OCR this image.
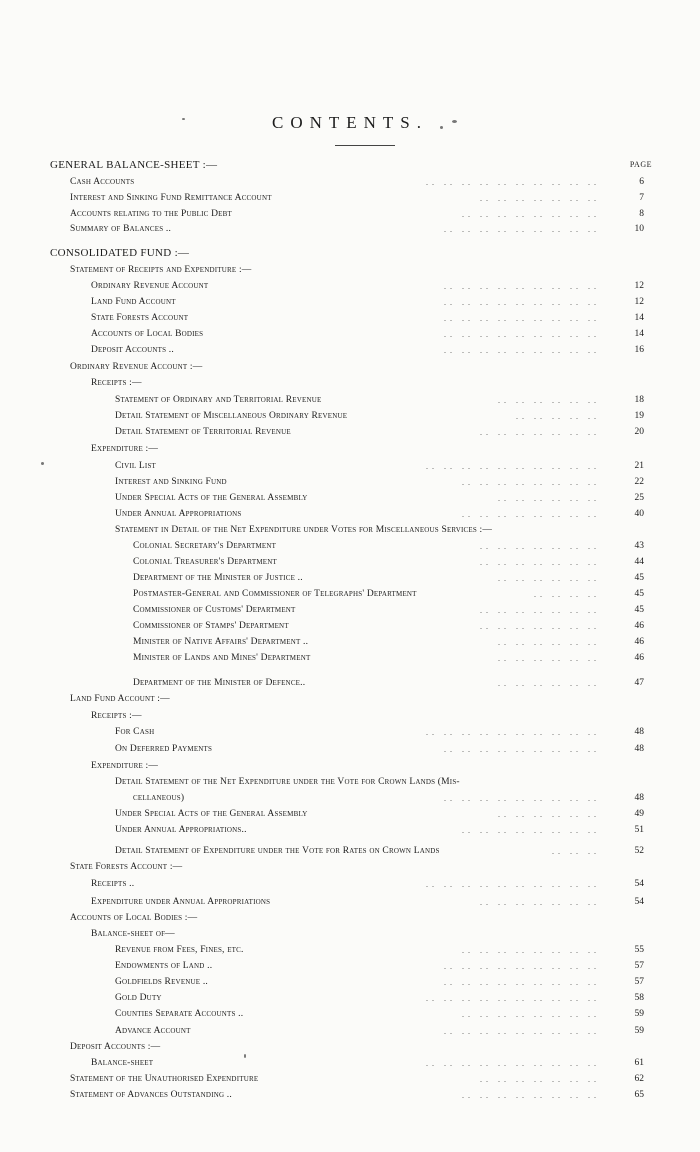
CONTENTS.
PAGE
GENERAL BALANCE-SHEET :—
Cash Accounts	6
.. .. .. .. .. .. .. .. .. ..
Interest and Sinking Fund Remittance Account	7
.. .. .. .. .. .. ..
Accounts relating to the Public Debt	8
.. .. .. .. .. .. .. ..
Summary of Balances ..	10
.. .. .. .. .. .. .. .. ..
CONSOLIDATED FUND :—
Statement of Receipts and Expenditure :—
Ordinary Revenue Account	12
.. .. .. .. .. .. .. .. ..
Land Fund Account	12
.. .. .. .. .. .. .. .. ..
State Forests Account	14
.. .. .. .. .. .. .. .. ..
Accounts of Local Bodies	14
.. .. .. .. .. .. .. .. ..
Deposit Accounts ..	16
.. .. .. .. .. .. .. .. ..
Ordinary Revenue Account :—
Receipts :—
Statement of Ordinary and Territorial Revenue	18
.. .. .. .. .. ..
Detail Statement of Miscellaneous Ordinary Revenue	19
.. .. .. .. ..
Detail Statement of Territorial Revenue	20
.. .. .. .. .. .. ..
Expenditure :—
Civil List	21
.. .. .. .. .. .. .. .. .. ..
Interest and Sinking Fund	22
.. .. .. .. .. .. .. ..
Under Special Acts of the General Assembly	25
.. .. .. .. .. ..
Under Annual Appropriations	40
.. .. .. .. .. .. .. ..
Statement in Detail of the Net Expenditure under Votes for Miscellaneous Services :—
Colonial Secretary's Department	43
.. .. .. .. .. .. ..
Colonial Treasurer's Department	44
.. .. .. .. .. .. ..
Department of the Minister of Justice ..	45
.. .. .. .. .. ..
Postmaster-General and Commissioner of Telegraphs' Department	45
.. .. .. ..
Commissioner of Customs' Department	45
.. .. .. .. .. .. ..
Commissioner of Stamps' Department	46
.. .. .. .. .. .. ..
Minister of Native Affairs' Department ..	46
.. .. .. .. .. ..
Minister of Lands and Mines' Department	46
.. .. .. .. .. ..
Department of the Minister of Defence..	47
.. .. .. .. .. ..
Land Fund Account :—
Receipts :—
For Cash	48
.. .. .. .. .. .. .. .. .. ..
On Deferred Payments	48
.. .. .. .. .. .. .. .. ..
Expenditure :—
Detail Statement of the Net Expenditure under the Vote for Crown Lands (Mis-
cellaneous)	48
.. .. .. .. .. .. .. .. ..
Under Special Acts of the General Assembly	49
.. .. .. .. .. ..
Under Annual Appropriations..	51
.. .. .. .. .. .. .. ..
Detail Statement of Expenditure under the Vote for Rates on Crown Lands	52
.. .. ..
State Forests Account :—
Receipts ..	54
.. .. .. .. .. .. .. .. .. ..
Expenditure under Annual Appropriations	54
.. .. .. .. .. .. ..
Accounts of Local Bodies :—
Balance-sheet of—
Revenue from Fees, Fines, etc.	55
.. .. .. .. .. .. .. ..
Endowments of Land ..	57
.. .. .. .. .. .. .. .. ..
Goldfields Revenue ..	57
.. .. .. .. .. .. .. .. ..
Gold Duty	58
.. .. .. .. .. .. .. .. .. ..
Counties Separate Accounts ..	59
.. .. .. .. .. .. .. ..
Advance Account	59
.. .. .. .. .. .. .. .. ..
Deposit Accounts :—
Balance-sheet	61
.. .. .. .. .. .. .. .. .. ..
Statement of the Unauthorised Expenditure	62
.. .. .. .. .. .. ..
Statement of Advances Outstanding ..	65
.. .. .. .. .. .. .. ..
